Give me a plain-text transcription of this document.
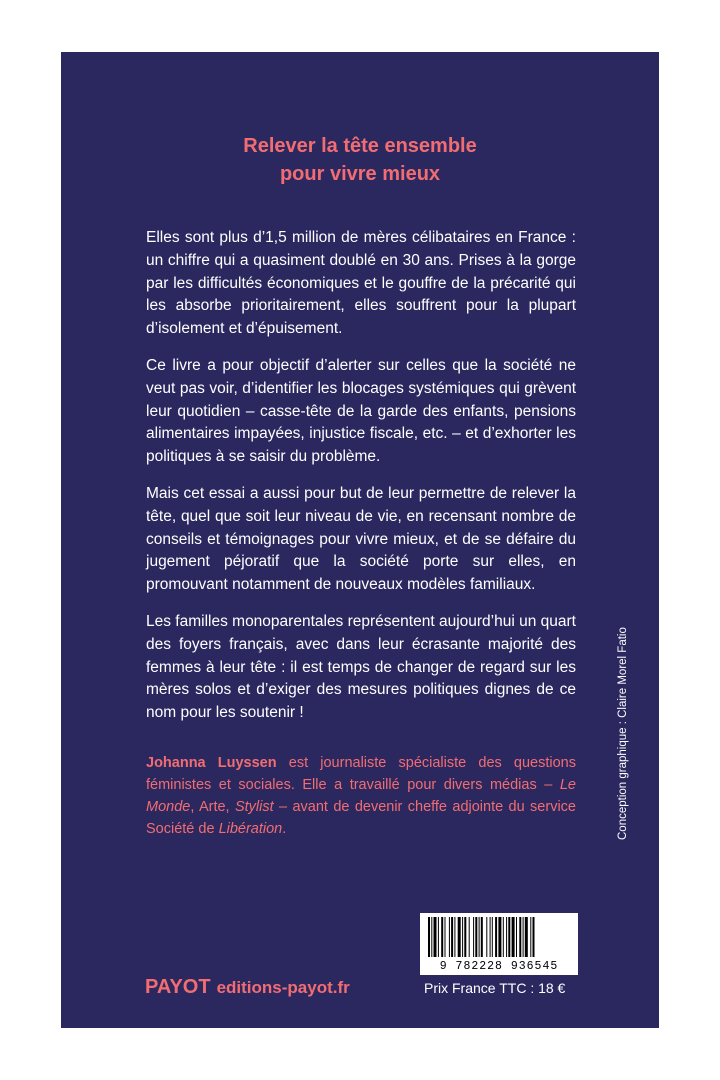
Relever la tête ensemble
pour vivre mieux

Elles sont plus d’1,5 million de mères célibataires en France : un chiffre qui a quasiment doublé en 30 ans. Prises à la gorge par les difficultés économiques et le gouffre de la précarité qui les absorbe prioritairement, elles souffrent pour la plupart d’isolement et d’épuisement.

Ce livre a pour objectif d’alerter sur celles que la société ne veut pas voir, d’identifier les blocages systémiques qui grèvent leur quotidien – casse-tête de la garde des enfants, pensions alimentaires impayées, injustice fiscale, etc. – et d’exhorter les politiques à se saisir du problème.

Mais cet essai a aussi pour but de leur permettre de relever la tête, quel que soit leur niveau de vie, en recensant nombre de conseils et témoignages pour vivre mieux, et de se défaire du jugement péjoratif que la société porte sur elles, en promouvant notamment de nouveaux modèles familiaux.

Les familles monoparentales représentent aujourd’hui un quart des foyers français, avec dans leur écrasante majorité des femmes à leur tête : il est temps de changer de regard sur les mères solos et d’exiger des mesures politiques dignes de ce nom pour les soutenir !

Johanna Luyssen est journaliste spécialiste des questions féministes et sociales. Elle a travaillé pour divers médias – Le Monde, Arte, Stylist – avant de devenir cheffe adjointe du service Société de Libération.
PAYOT editions-payot.fr
9 782228 936545
Prix France TTC : 18 €
Conception graphique : Claire Morel Fatio
